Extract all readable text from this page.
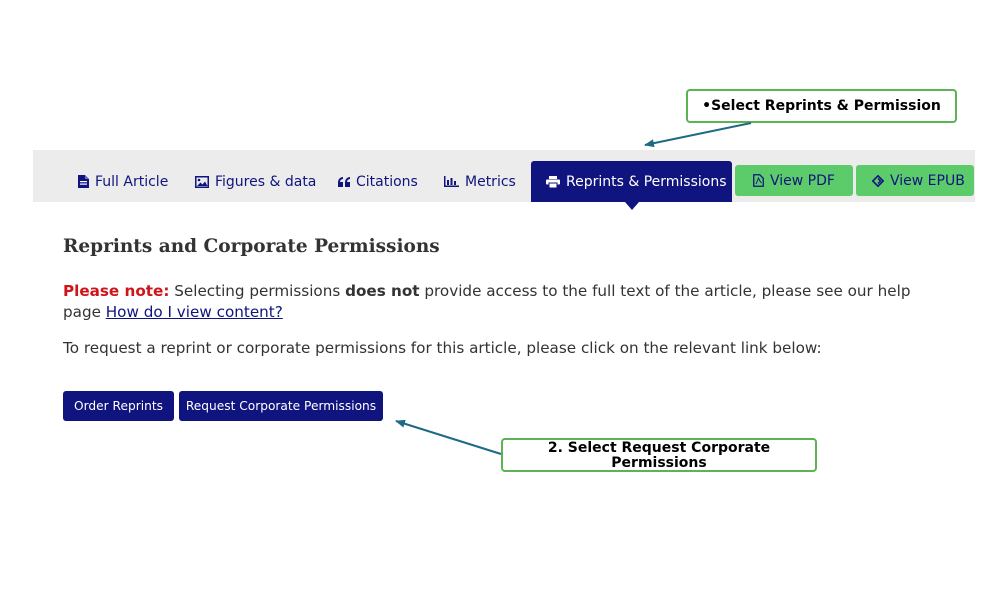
Full Article	Figures & data	Citations	Metrics	Reprints & Permissions	View PDF	View EPUB
Reprints and Corporate Permissions
Please note: Selecting permissions does not provide access to the full text of the article, please see our help page How do I view content?
To request a reprint or corporate permissions for this article, please click on the relevant link below:
Order Reprints	Request Corporate Permissions
•Select Reprints & Permission
2. Select Request Corporate
Permissions
